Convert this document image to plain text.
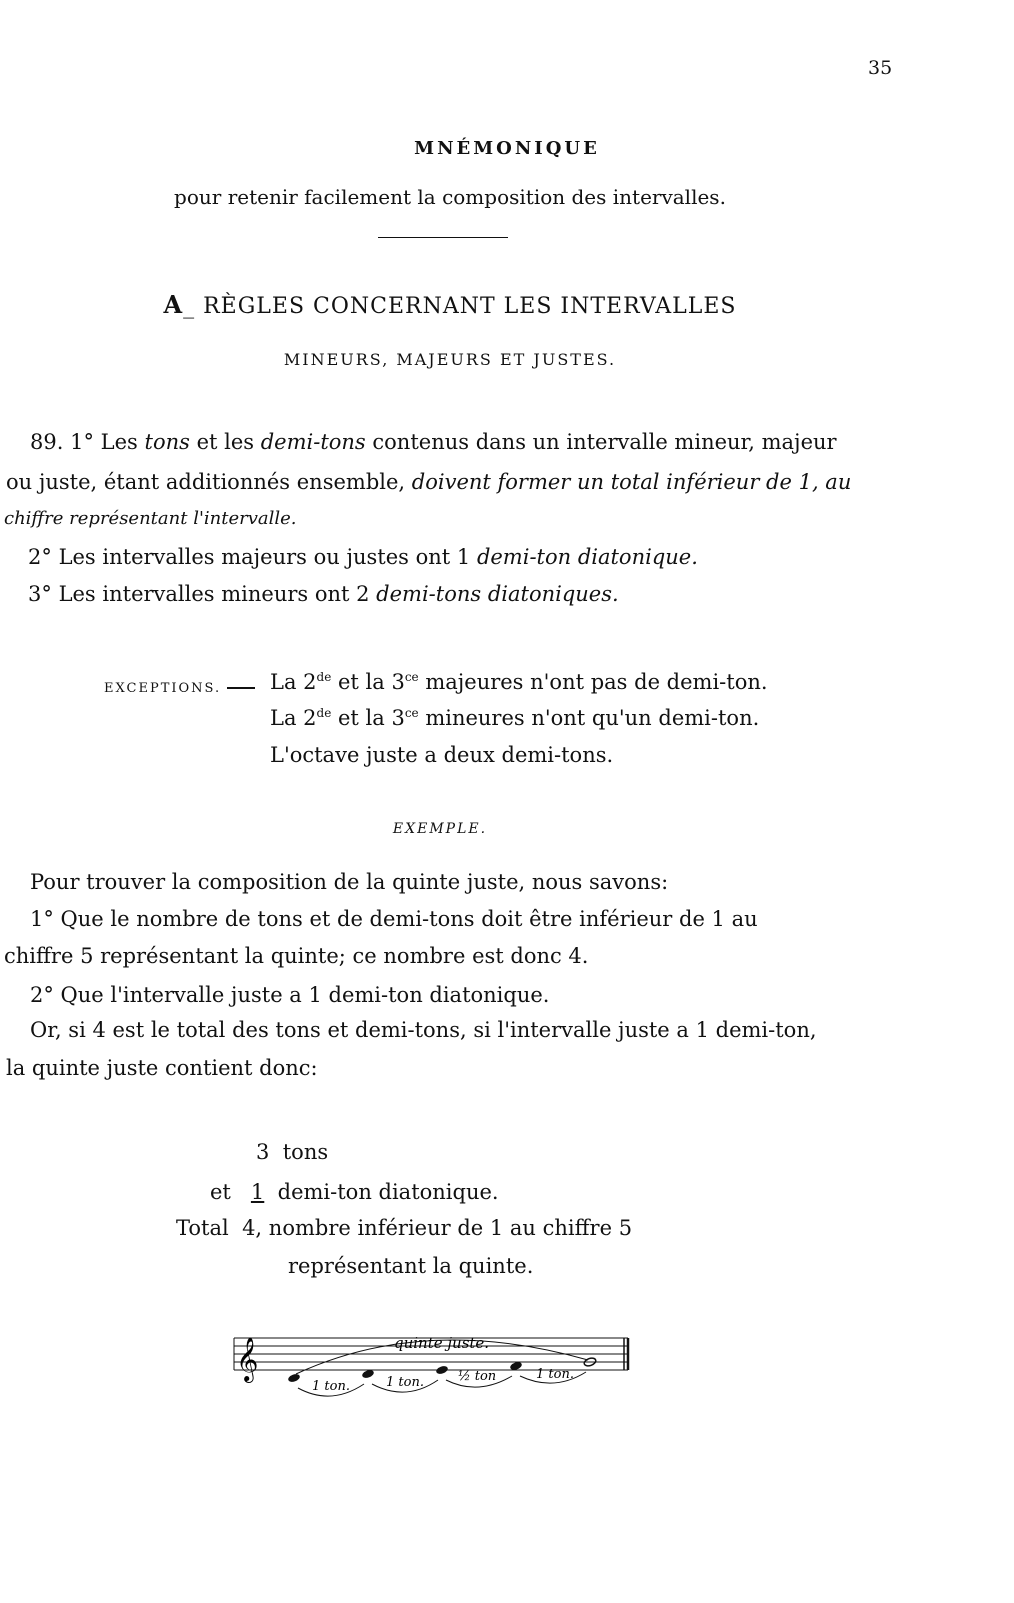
35
MNÉMONIQUE
pour retenir facilement la composition des intervalles.
A_ RÈGLES CONCERNANT LES INTERVALLES
MINEURS, MAJEURS ET JUSTES.
89. 1° Les tons et les demi-tons contenus dans un intervalle mineur, majeur
ou juste, étant additionnés ensemble, doivent former un total inférieur de 1, au
chiffre représentant l'intervalle.
2° Les intervalles majeurs ou justes ont 1 demi-ton diatonique.
3° Les intervalles mineurs ont 2 demi-tons diatoniques.
EXCEPTIONS.	La 2de et la $3^{ce}$ majeures n'ont pas de demi-ton.
La 2de et la $3^{ce}$ mineures n'ont qu'un demi-ton.
L'octave juste a deux demi-tons.
EXEMPLE.
Pour trouver la composition de la quinte juste, nous savons:
1° Que le nombre de tons et de demi-tons doit être inférieur de 1 au
chiffre 5 représentant la quinte; ce nombre est donc 4.
2° Que l'intervalle juste a 1 demi-ton diatonique.
Or, si 4 est le total des tons et demi-tons, si l'intervalle juste a 1 demi-ton,
la quinte juste contient donc:
3 tons
et 1 demi-ton diatonique.
Total 4, nombre inférieur de 1 au chiffre 5
représentant la quinte.
𝄞	quinte juste.
1 ton.	1 ton.	½ ton	1 ton.
